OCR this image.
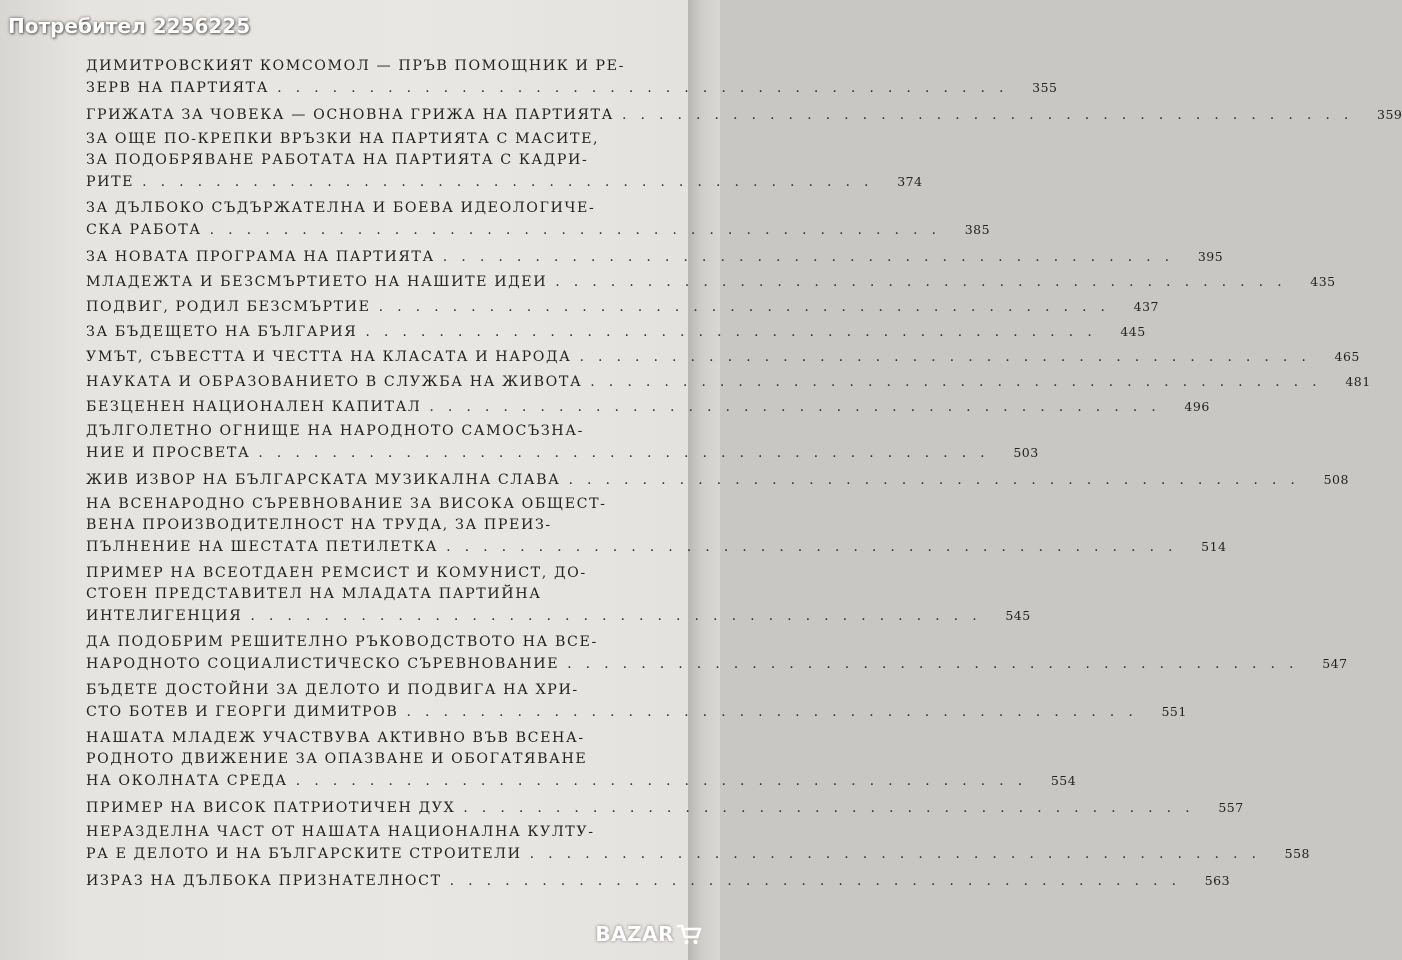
Потребител 2256225
ДИМИТРОВСКИЯТ КОМСОМОЛ — ПРЪВ ПОМОЩНИК И РЕ-
ЗЕРВ НА ПАРТИЯТА ........................................	355
ГРИЖАТА ЗА ЧОВЕКА — ОСНОВНА ГРИЖА НА ПАРТИЯТА ........................................	359
ЗА ОЩЕ ПО-КРЕПКИ ВРЪЗКИ НА ПАРТИЯТА С МАСИТЕ,
ЗА ПОДОБРЯВАНЕ РАБОТАТА НА ПАРТИЯТА С КАДРИ-
РИТЕ ........................................	374
ЗА ДЪЛБОКО СЪДЪРЖАТЕЛНА И БОЕВА ИДЕОЛОГИЧЕ-
СКА РАБОТА ........................................	385
ЗА НОВАТА ПРОГРАМА НА ПАРТИЯТА ........................................	395
МЛАДЕЖТА И БЕЗСМЪРТИЕТО НА НАШИТЕ ИДЕИ ........................................	435
ПОДВИГ, РОДИЛ БЕЗСМЪРТИЕ ........................................	437
ЗА БЪДЕЩЕТО НА БЪЛГАРИЯ ........................................	445
УМЪТ, СЪВЕСТТА И ЧЕСТТА НА КЛАСАТА И НАРОДА ........................................	465
НАУКАТА И ОБРАЗОВАНИЕТО В СЛУЖБА НА ЖИВОТА ........................................	481
БЕЗЦЕНЕН НАЦИОНАЛЕН КАПИТАЛ ........................................	496
ДЪЛГОЛЕТНО ОГНИЩЕ НА НАРОДНОТО САМОСЪЗНА-
НИЕ И ПРОСВЕТА ........................................	503
ЖИВ ИЗВОР НА БЪЛГАРСКАТА МУЗИКАЛНА СЛАВА ........................................	508
НА ВСЕНАРОДНО СЪРЕВНОВАНИЕ ЗА ВИСОКА ОБЩЕСТ-
ВЕНА ПРОИЗВОДИТЕЛНОСТ НА ТРУДА, ЗА ПРЕИЗ-
ПЪЛНЕНИЕ НА ШЕСТАТА ПЕТИЛЕТКА ........................................	514
ПРИМЕР НА ВСЕОТДАЕН РЕМСИСТ И КОМУНИСТ, ДО-
СТОЕН ПРЕДСТАВИТЕЛ НА МЛАДАТА ПАРТИЙНА
ИНТЕЛИГЕНЦИЯ ........................................	545
ДА ПОДОБРИМ РЕШИТЕЛНО РЪКОВОДСТВОТО НА ВСЕ-
НАРОДНОТО СОЦИАЛИСТИЧЕСКО СЪРЕВНОВАНИЕ ........................................	547
БЪДЕТЕ ДОСТОЙНИ ЗА ДЕЛОТО И ПОДВИГА НА ХРИ-
СТО БОТЕВ И ГЕОРГИ ДИМИТРОВ ........................................	551
НАШАТА МЛАДЕЖ УЧАСТВУВА АКТИВНО ВЪВ ВСЕНА-
РОДНОТО ДВИЖЕНИЕ ЗА ОПАЗВАНЕ И ОБОГАТЯВАНЕ
НА ОКОЛНАТА СРЕДА ........................................	554
ПРИМЕР НА ВИСОК ПАТРИОТИЧЕН ДУХ ........................................	557
НЕРАЗДЕЛНА ЧАСТ ОТ НАШАТА НАЦИОНАЛНА КУЛТУ-
РА Е ДЕЛОТО И НА БЪЛГАРСКИТЕ СТРОИТЕЛИ ........................................	558
ИЗРАЗ НА ДЪЛБОКА ПРИЗНАТЕЛНОСТ ........................................	563
BAZAR
